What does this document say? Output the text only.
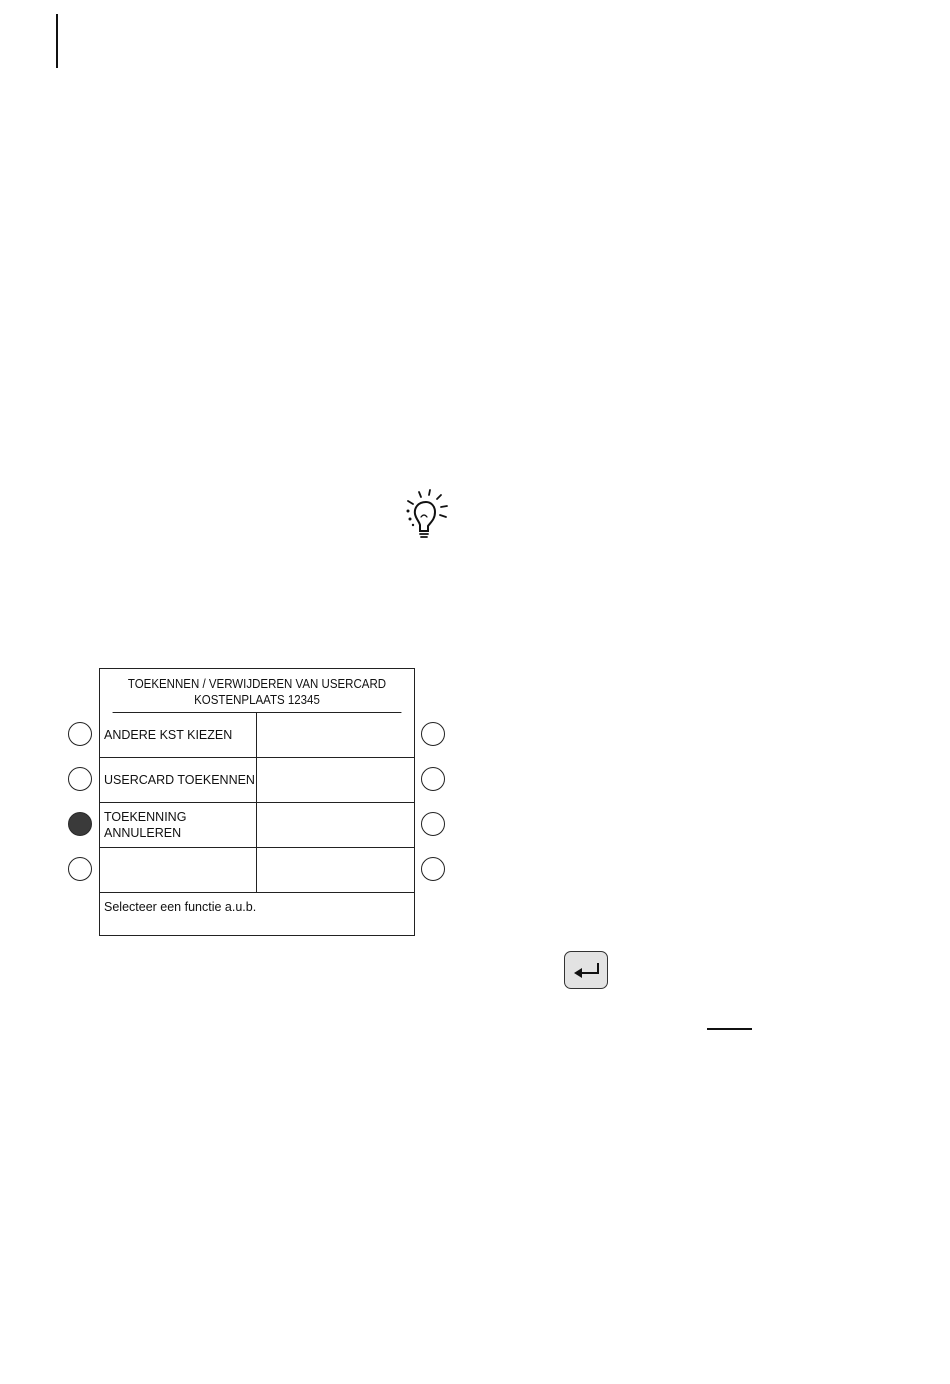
TOEKENNEN / VERWIJDEREN VAN USERCARD
KOSTENPLAATS 12345
ANDERE KST KIEZEN
USERCARD TOEKENNEN
TOEKENNING
ANNULEREN
Selecteer een functie a.u.b.
